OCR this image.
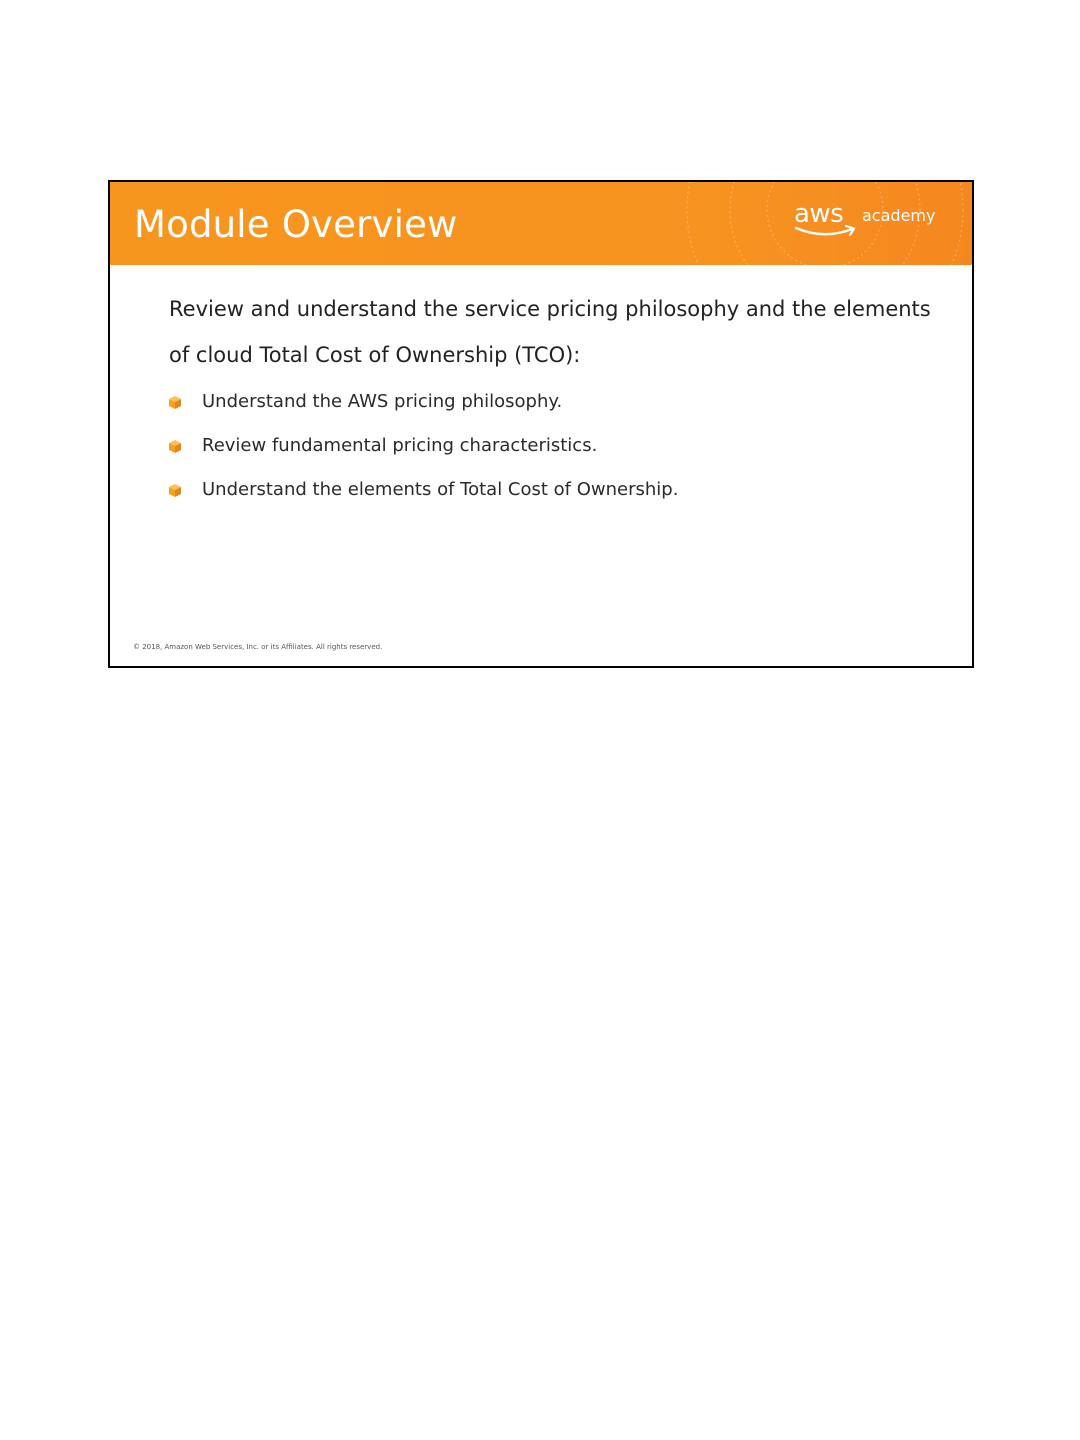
Module Overview	aws academy

Review and understand the service pricing philosophy and the elements of cloud Total Cost of Ownership (TCO):

Understand the AWS pricing philosophy.
Review fundamental pricing characteristics.
Understand the elements of Total Cost of Ownership.
© 2018, Amazon Web Services, Inc. or its Affiliates. All rights reserved.
